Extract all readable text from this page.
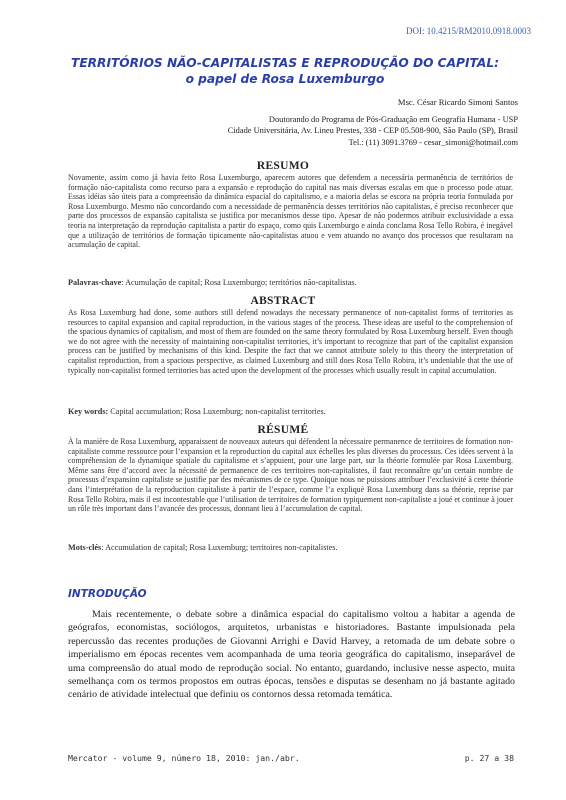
DOI: 10.4215/RM2010.0918.0003
TERRITÓRIOS NÃO-CAPITALISTAS E REPRODUÇÃO DO CAPITAL:
o papel de Rosa Luxemburgo
Msc. César Ricardo Simoni Santos
Doutorando do Programa de Pós-Graduação em Geografia Humana - USP
Cidade Universitária, Av. Lineu Prestes, 338 - CEP 05.508-900, São Paulo (SP), Brasil
Tel.: (11) 3091.3769 - cesar_simoni@hotmail.com
RESUMO
Novamente, assim como já havia feito Rosa Luxemburgo, aparecem autores que defendem a necessária permanência de territórios de formação não-capitalista como recurso para a expansão e reprodução do capital nas mais diversas escalas em que o processo pode atuar. Essas idéias são úteis para a compreensão da dinâmica espacial do capitalismo, e a maioria delas se escora na própria teoria formulada por Rosa Luxemburgo. Mesmo não concordando com a necessidade de permanência desses territórios não capitalistas, é preciso reconhecer que parte dos processos de expansão capitalista se justifica por mecanismos desse tipo. Apesar de não podermos atribuir exclusividade a essa teoria na interpretação da reprodução capitalista a partir do espaço, como quis Luxemburgo e ainda conclama Rosa Tello Robira, é inegável que a utilização de territórios de formação tipicamente não-capitalistas atuou e vem atuando no avanço dos processos que resultaram na acumulação de capital.
Palavras-chave: Acumulação de capital; Rosa Luxemburgo; territórios não-capitalistas.
ABSTRACT
As Rosa Luxemburg had done, some authors still defend nowadays the necessary permanence of non-capitalist forms of territories as resources to capital expansion and capital reproduction, in the various stages of the process. These ideas are useful to the comprehension of the spacious dynamics of capitalism, and most of them are founded on the same theory formulated by Rosa Luxemburg herself. Even though we do not agree with the necessity of maintaining non-capitalist territories, it’s important to recognize that part of the capitalist expansion process can be justified by mechanisms of this kind. Despite the fact that we cannot attribute solely to this theory the interpretation of capitalist reproduction, from a spacious perspective, as claimed Luxemburg and still does Rosa Tello Robira, it’s undeniable that the use of typically non-capitalist formed territories has acted upon the development of the processes which usually result in capital accumulation.
Key words: Capital accumulation; Rosa Luxemburg; non-capitalist territories.
RÉSUMÉ
À la manière de Rosa Luxemburg, apparaissent de nouveaux auteurs qui défendent la nécessaire permanence de territoires de formation non-capitaliste comme ressource pour l’expansion et la reproduction du capital aux échelles les plus diverses du processus. Ces idées servent à la compréhension de la dynamique spatiale du capitalisme et s’appuient, pour une large part, sur la théorie formulée par Rosa Luxemburg. Même sans être d’accord avec la nécessité de permanence de ces territoires non-capitalistes, il faut reconnaître qu’un certain nombre de processus d’expansion capitaliste se justifie par des mécanismes de ce type. Quoique nous ne puissions attribuer l’exclusivité à cette théorie dans l’interprétation de la reproduction capitaliste à partir de l’espace, comme l’a expliqué Rosa Luxemburg dans sa théorie, reprise par Rosa Tello Robira, mais il est incontestable que l’utilisation de territoires de formation typiquement non-capitaliste a joué et continue à jouer un rôle très important dans l’avancée des processus, donnant lieu à l’accumulation de capital.
Mots-clés: Accumulation de capital; Rosa Luxemburg; territoires non-capitalistes.
INTRODUÇÃO
Mais recentemente, o debate sobre a dinâmica espacial do capitalismo voltou a habitar a agenda de geógrafos, economistas, sociólogos, arquitetos, urbanistas e historiadores. Bastante impulsionada pela repercussão das recentes produções de Giovanni Arrighi e David Harvey, a retomada de um debate sobre o imperialismo em épocas recentes vem acompanhada de uma teoria geográfica do capitalismo, inseparável de uma compreensão do atual modo de reprodução social. No entanto, guardando, inclusive nesse aspecto, muita semelhança com os termos propostos em outras épocas, tensões e disputas se desenham no já bastante agitado cenário de atividade intelectual que definiu os contornos dessa retomada temática.
Mercator - volume 9, número 18, 2010: jan./abr.	p. 27 a 38
